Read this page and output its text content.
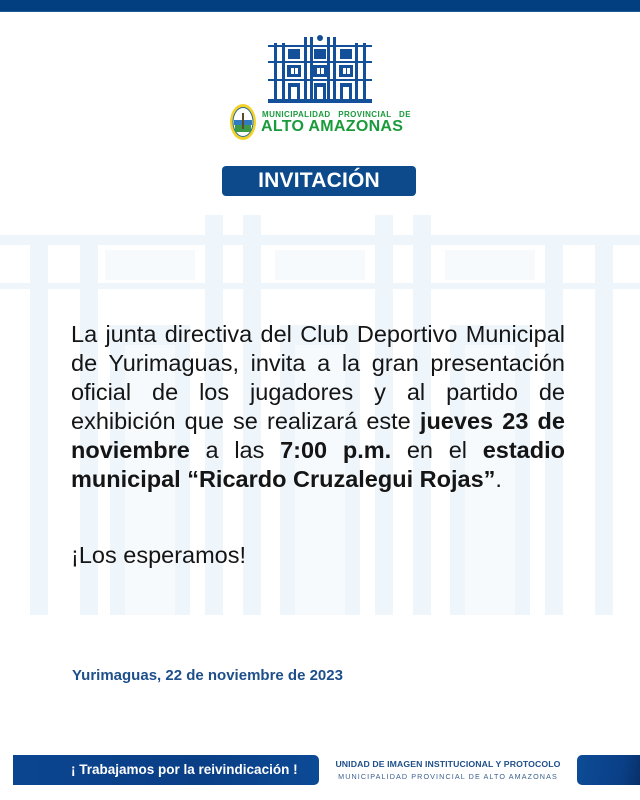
MUNICIPALIDAD PROVINCIAL DE
ALTO AMAZONAS
INVITACIÓN

La junta directiva del Club Deportivo Municipal de Yurimaguas, invita a la gran presentación oficial de los jugadores y al partido de exhibición que se realizará este jueves 23 de noviembre a las 7:00 p.m. en el estadio municipal “Ricardo Cruzalegui Rojas”.

¡Los esperamos!
Yurimaguas, 22 de noviembre de 2023
¡ Trabajamos por la reivindicación !	UNIDAD DE IMAGEN INSTITUCIONAL Y PROTOCOLO
MUNICIPALIDAD PROVINCIAL DE ALTO AMAZONAS
